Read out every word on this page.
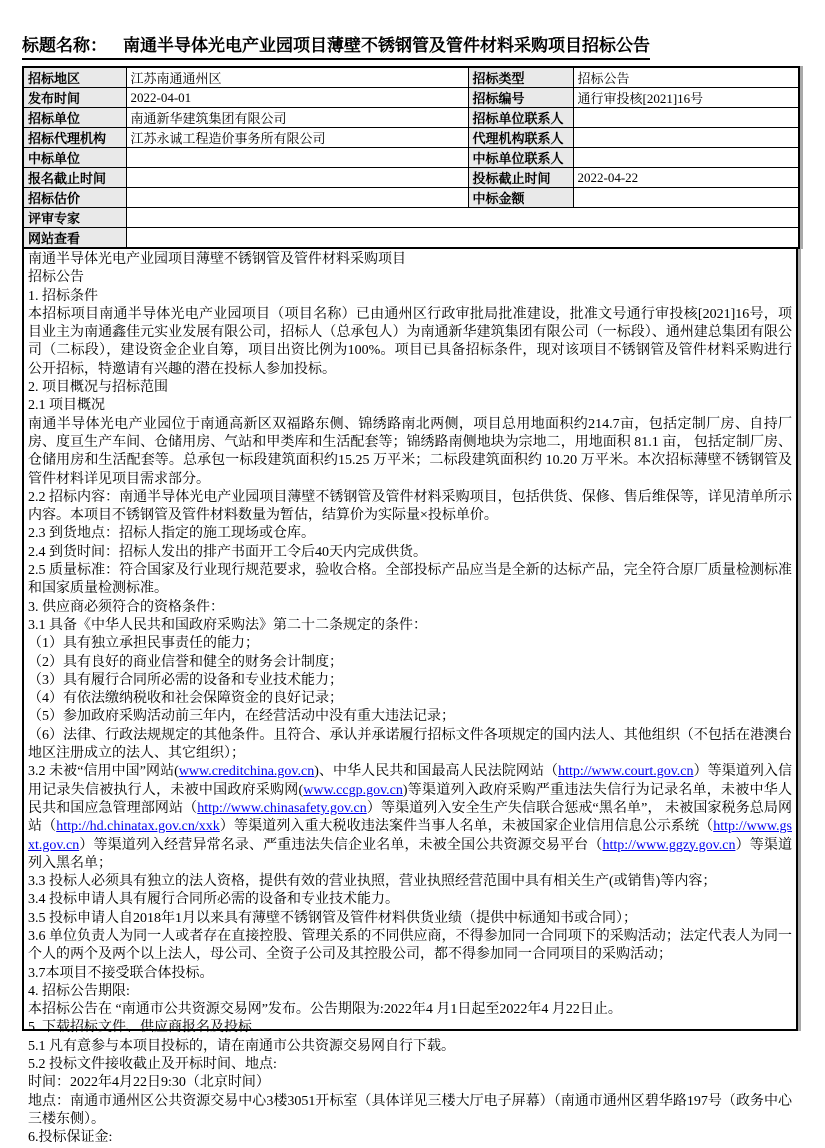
标题名称： 南通半导体光电产业园项目薄壁不锈钢管及管件材料采购项目招标公告
招标地区	江苏南通通州区	招标类型	招标公告
发布时间	2022-04-01	招标编号	通行审投核[2021]16号
招标单位	南通新华建筑集团有限公司	招标单位联系人	
招标代理机构	江苏永诚工程造价事务所有限公司	代理机构联系人	
中标单位		中标单位联系人	
报名截止时间		投标截止时间	2022-04-22
招标估价		中标金额	
评审专家			
网站查看			
南通半导体光电产业园项目薄壁不锈钢管及管件材料采购项目
招标公告
1. 招标条件
本招标项目南通半导体光电产业园项目（项目名称）已由通州区行政审批局批准建设，批准文号通行审投核[2021]16号，项目业主为南通鑫佳元实业发展有限公司，招标人（总承包人）为南通新华建筑集团有限公司（一标段）、通州建总集团有限公司（二标段），建设资金企业自筹，项目出资比例为100%。项目已具备招标条件，现对该项目不锈钢管及管件材料采购进行公开招标，特邀请有兴趣的潜在投标人参加投标。
2. 项目概况与招标范围
2.1 项目概况
南通半导体光电产业园位于南通高新区双福路东侧、锦绣路南北两侧，项目总用地面积约214.7亩，包括定制厂房、自持厂房、度亘生产车间、仓储用房、气站和甲类库和生活配套等；锦绣路南侧地块为宗地二，用地面积 81.1 亩， 包括定制厂房、 仓储用房和生活配套等。总承包一标段建筑面积约15.25 万平米；二标段建筑面积约 10.20 万平米。本次招标薄壁不锈钢管及管件材料详见项目需求部分。
2.2 招标内容：南通半导体光电产业园项目薄壁不锈钢管及管件材料采购项目，包括供货、保修、售后维保等，详见清单所示内容。本项目不锈钢管及管件材料数量为暂估，结算价为实际量×投标单价。
2.3 到货地点：招标人指定的施工现场或仓库。
2.4 到货时间：招标人发出的排产书面开工令后40天内完成供货。
2.5 质量标准：符合国家及行业现行规范要求，验收合格。全部投标产品应当是全新的达标产品，完全符合原厂质量检测标准和国家质量检测标准。
3. 供应商必须符合的资格条件：
3.1 具备《中华人民共和国政府采购法》第二十二条规定的条件：
（1）具有独立承担民事责任的能力；
（2）具有良好的商业信誉和健全的财务会计制度；
（3）具有履行合同所必需的设备和专业技术能力；
（4）有依法缴纳税收和社会保障资金的良好记录；
（5）参加政府采购活动前三年内，在经营活动中没有重大违法记录；
（6）法律、行政法规规定的其他条件。且符合、承认并承诺履行招标文件各项规定的国内法人、其他组织（不包括在港澳台地区注册成立的法人、其它组织）；
3.2 未被“信用中国”网站(www.creditchina.gov.cn)、中华人民共和国最高人民法院网站（http://www.court.gov.cn）等渠道列入信用记录失信被执行人，未被中国政府采购网(www.ccgp.gov.cn)等渠道列入政府采购严重违法失信行为记录名单，未被中华人民共和国应急管理部网站（http://www.chinasafety.gov.cn）等渠道列入安全生产失信联合惩戒“黑名单”， 未被国家税务总局网站（http://hd.chinatax.gov.cn/xxk）等渠道列入重大税收违法案件当事人名单，未被国家企业信用信息公示系统（http://www.gsxt.gov.cn）等渠道列入经营异常名录、严重违法失信企业名单，未被全国公共资源交易平台（http://www.ggzy.gov.cn）等渠道列入黑名单；
3.3 投标人必须具有独立的法人资格，提供有效的营业执照，营业执照经营范围中具有相关生产(或销售)等内容；
3.4 投标申请人具有履行合同所必需的设备和专业技术能力。
3.5 投标申请人自2018年1月以来具有薄壁不锈钢管及管件材料供货业绩（提供中标通知书或合同）；
3.6 单位负责人为同一人或者存在直接控股、管理关系的不同供应商，不得参加同一合同项下的采购活动；法定代表人为同一个人的两个及两个以上法人，母公司、全资子公司及其控股公司，都不得参加同一合同项目的采购活动；
3.7本项目不接受联合体投标。
4. 招标公告期限:
本招标公告在 “南通市公共资源交易网”发布。公告期限为:2022年4 月1日起至2022年4 月22日止。
5. 下载招标文件、供应商报名及投标
5.1 凡有意参与本项目投标的，请在南通市公共资源交易网自行下载。
5.2 投标文件接收截止及开标时间、地点:
时间：2022年4月22日9:30（北京时间）
地点：南通市通州区公共资源交易中心3楼3051开标室（具体详见三楼大厅电子屏幕）（南通市通州区碧华路197号（政务中心三楼东侧）。
6.投标保证金:
